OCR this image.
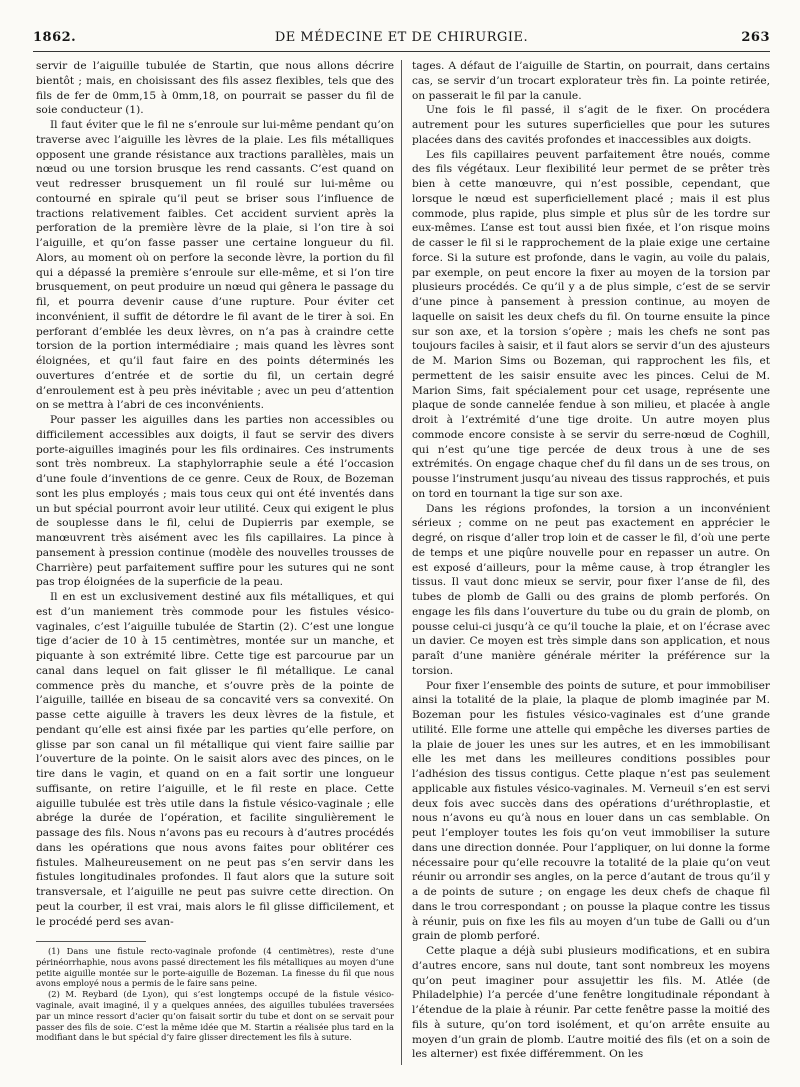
1862.	DE MÉDECINE ET DE CHIRURGIE.	263

servir de l’aiguille tubulée de Startin, que nous allons décrire bientôt ; mais, en choisissant des fils assez flexibles, tels que des fils de fer de 0mm,15 à 0mm,18, on pourrait se passer du fil de soie conducteur (1).

Il faut éviter que le fil ne s’enroule sur lui-même pendant qu’on traverse avec l’aiguille les lèvres de la plaie. Les fils métalliques opposent une grande résistance aux tractions parallèles, mais un nœud ou une torsion brusque les rend cassants. C’est quand on veut redresser brusquement un fil roulé sur lui-même ou contourné en spirale qu’il peut se briser sous l’influence de tractions relativement faibles. Cet accident survient après la perforation de la première lèvre de la plaie, si l’on tire à soi l’aiguille, et qu’on fasse passer une certaine longueur du fil. Alors, au moment où on perfore la seconde lèvre, la portion du fil qui a dépassé la première s’enroule sur elle-même, et si l’on tire brusquement, on peut produire un nœud qui gênera le passage du fil, et pourra devenir cause d’une rupture. Pour éviter cet inconvénient, il suffit de détordre le fil avant de le tirer à soi. En perforant d’emblée les deux lèvres, on n’a pas à craindre cette torsion de la portion intermédiaire ; mais quand les lèvres sont éloignées, et qu’il faut faire en des points déterminés les ouvertures d’entrée et de sortie du fil, un certain degré d’enroulement est à peu près inévitable ; avec un peu d’attention on se mettra à l’abri de ces inconvénients.

Pour passer les aiguilles dans les parties non accessibles ou difficilement accessibles aux doigts, il faut se servir des divers porte-aiguilles imaginés pour les fils ordinaires. Ces instruments sont très nombreux. La staphylorraphie seule a été l’occasion d’une foule d’inventions de ce genre. Ceux de Roux, de Bozeman sont les plus employés ; mais tous ceux qui ont été inventés dans un but spécial pourront avoir leur utilité. Ceux qui exigent le plus de souplesse dans le fil, celui de Dupierris par exemple, se manœuvrent très aisément avec les fils capillaires. La pince à pansement à pression continue (modèle des nouvelles trousses de Charrière) peut parfaitement suffire pour les sutures qui ne sont pas trop éloignées de la superficie de la peau.

Il en est un exclusivement destiné aux fils métalliques, et qui est d’un maniement très commode pour les fistules vésico-vaginales, c’est l’aiguille tubulée de Startin (2). C’est une longue tige d’acier de 10 à 15 centimètres, montée sur un manche, et piquante à son extrémité libre. Cette tige est parcourue par un canal dans lequel on fait glisser le fil métallique. Le canal commence près du manche, et s’ouvre près de la pointe de l’aiguille, taillée en biseau de sa concavité vers sa convexité. On passe cette aiguille à travers les deux lèvres de la fistule, et pendant qu’elle est ainsi fixée par les parties qu’elle perfore, on glisse par son canal un fil métallique qui vient faire saillie par l’ouverture de la pointe. On le saisit alors avec des pinces, on le tire dans le vagin, et quand on en a fait sortir une longueur suffisante, on retire l’aiguille, et le fil reste en place. Cette aiguille tubulée est très utile dans la fistule vésico-vaginale ; elle abrége la durée de l’opération, et facilite singulièrement le passage des fils. Nous n’avons pas eu recours à d’autres procédés dans les opérations que nous avons faites pour oblitérer ces fistules. Malheureusement on ne peut pas s’en servir dans les fistules longitudinales profondes. Il faut alors que la suture soit transversale, et l’aiguille ne peut pas suivre cette direction. On peut la courber, il est vrai, mais alors le fil glisse difficilement, et le procédé perd ses avan-

(1) Dans une fistule recto-vaginale profonde (4 centimètres), reste d’une périnéorrhaphie, nous avons passé directement les fils métalliques au moyen d’une petite aiguille montée sur le porte-aiguille de Bozeman. La finesse du fil que nous avons employé nous a permis de le faire sans peine.

(2) M. Reybard (de Lyon), qui s’est longtemps occupé de la fistule vésico-vaginale, avait imaginé, il y a quelques années, des aiguilles tubulées traversées par un mince ressort d’acier qu’on faisait sortir du tube et dont on se servait pour passer des fils de soie. C’est la même idée que M. Startin a réalisée plus tard en la modifiant dans le but spécial d’y faire glisser directement les fils à suture.

tages. A défaut de l’aiguille de Startin, on pourrait, dans certains cas, se servir d’un trocart explorateur très fin. La pointe retirée, on passerait le fil par la canule.

Une fois le fil passé, il s’agit de le fixer. On procédera autrement pour les sutures superficielles que pour les sutures placées dans des cavités profondes et inaccessibles aux doigts.

Les fils capillaires peuvent parfaitement être noués, comme des fils végétaux. Leur flexibilité leur permet de se prêter très bien à cette manœuvre, qui n’est possible, cependant, que lorsque le nœud est superficiellement placé ; mais il est plus commode, plus rapide, plus simple et plus sûr de les tordre sur eux-mêmes. L’anse est tout aussi bien fixée, et l’on risque moins de casser le fil si le rapprochement de la plaie exige une certaine force. Si la suture est profonde, dans le vagin, au voile du palais, par exemple, on peut encore la fixer au moyen de la torsion par plusieurs procédés. Ce qu’il y a de plus simple, c’est de se servir d’une pince à pansement à pression continue, au moyen de laquelle on saisit les deux chefs du fil. On tourne ensuite la pince sur son axe, et la torsion s’opère ; mais les chefs ne sont pas toujours faciles à saisir, et il faut alors se servir d’un des ajusteurs de M. Marion Sims ou Bozeman, qui rapprochent les fils, et permettent de les saisir ensuite avec les pinces. Celui de M. Marion Sims, fait spécialement pour cet usage, représente une plaque de sonde cannelée fendue à son milieu, et placée à angle droit à l’extrémité d’une tige droite. Un autre moyen plus commode encore consiste à se servir du serre-nœud de Coghill, qui n’est qu’une tige percée de deux trous à une de ses extrémités. On engage chaque chef du fil dans un de ses trous, on pousse l’instrument jusqu’au niveau des tissus rapprochés, et puis on tord en tournant la tige sur son axe.

Dans les régions profondes, la torsion a un inconvénient sérieux ; comme on ne peut pas exactement en apprécier le degré, on risque d’aller trop loin et de casser le fil, d’où une perte de temps et une piqûre nouvelle pour en repasser un autre. On est exposé d’ailleurs, pour la même cause, à trop étrangler les tissus. Il vaut donc mieux se servir, pour fixer l’anse de fil, des tubes de plomb de Galli ou des grains de plomb perforés. On engage les fils dans l’ouverture du tube ou du grain de plomb, on pousse celui-ci jusqu’à ce qu’il touche la plaie, et on l’écrase avec un davier. Ce moyen est très simple dans son application, et nous paraît d’une manière générale mériter la préférence sur la torsion.

Pour fixer l’ensemble des points de suture, et pour immobiliser ainsi la totalité de la plaie, la plaque de plomb imaginée par M. Bozeman pour les fistules vésico-vaginales est d’une grande utilité. Elle forme une attelle qui empêche les diverses parties de la plaie de jouer les unes sur les autres, et en les immobilisant elle les met dans les meilleures conditions possibles pour l’adhésion des tissus contigus. Cette plaque n’est pas seulement applicable aux fistules vésico-vaginales. M. Verneuil s’en est servi deux fois avec succès dans des opérations d’uréthroplastie, et nous n’avons eu qu’à nous en louer dans un cas semblable. On peut l’employer toutes les fois qu’on veut immobiliser la suture dans une direction donnée. Pour l’appliquer, on lui donne la forme nécessaire pour qu’elle recouvre la totalité de la plaie qu’on veut réunir ou arrondir ses angles, on la perce d’autant de trous qu’il y a de points de suture ; on engage les deux chefs de chaque fil dans le trou correspondant ; on pousse la plaque contre les tissus à réunir, puis on fixe les fils au moyen d’un tube de Galli ou d’un grain de plomb perforé.

Cette plaque a déjà subi plusieurs modifications, et en subira d’autres encore, sans nul doute, tant sont nombreux les moyens qu’on peut imaginer pour assujettir les fils. M. Atlée (de Philadelphie) l’a percée d’une fenêtre longitudinale répondant à l’étendue de la plaie à réunir. Par cette fenêtre passe la moitié des fils à suture, qu’on tord isolément, et qu’on arrête ensuite au moyen d’un grain de plomb. L’autre moitié des fils (et on a soin de les alterner) est fixée différemment. On les
